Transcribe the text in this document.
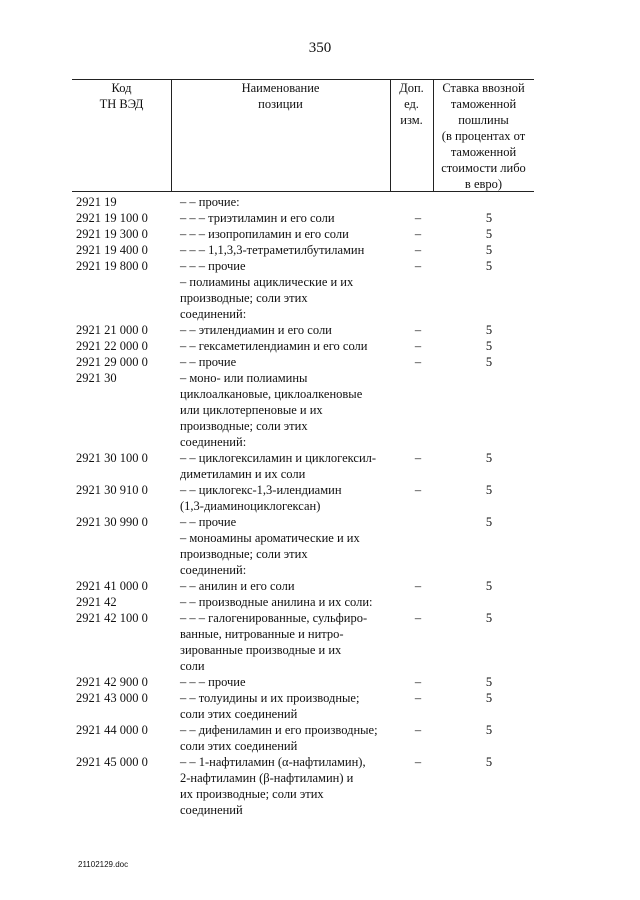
350
Код
ТН ВЭД
Наименование
позиции
Доп.
ед.
изм.
Ставка ввозной
таможенной
пошлины
(в процентах от
таможенной
стоимости либо
в евро)
2921 19	– – прочие:
2921 19 100 0	– – – триэтиламин и его соли	–	5
2921 19 300 0	– – – изопропиламин и его соли	–	5
2921 19 400 0	– – – 1,1,3,3-тетраметилбутиламин	–	5
2921 19 800 0	– – – прочие	–	5
– полиамины ациклические и их
производные; соли этих
соединений:
2921 21 000 0	– – этилендиамин и его соли	–	5
2921 22 000 0	– – гексаметилендиамин и его соли	–	5
2921 29 000 0	– – прочие	–	5
2921 30	– моно- или полиамины
циклоалкановые, циклоалкеновые
или циклотерпеновые и их
производные; соли этих
соединений:
2921 30 100 0	– – циклогексиламин и циклогексил-
диметиламин и их соли
–	5
2921 30 910 0	– – циклогекс-1,3-илендиамин
(1,3-диаминоциклогексан)
–	5
2921 30 990 0	– – прочие	5
– моноамины ароматические и их
производные; соли этих
соединений:
2921 41 000 0	– – анилин и его соли	–	5
2921 42	– – производные анилина и их соли:
2921 42 100 0	– – – галогенированные, сульфиро-
ванные, нитрованные и нитро-
зированные производные и их
соли
–	5
2921 42 900 0	– – – прочие	–	5
2921 43 000 0	– – толуидины и их производные;
соли этих соединений
–	5
2921 44 000 0	– – дифениламин и его производные;
соли этих соединений
–	5
2921 45 000 0	– – 1-нафтиламин (α-нафтиламин),
2-нафтиламин (β-нафтиламин) и
их производные; соли этих
соединений
–	5
21102129.doc
